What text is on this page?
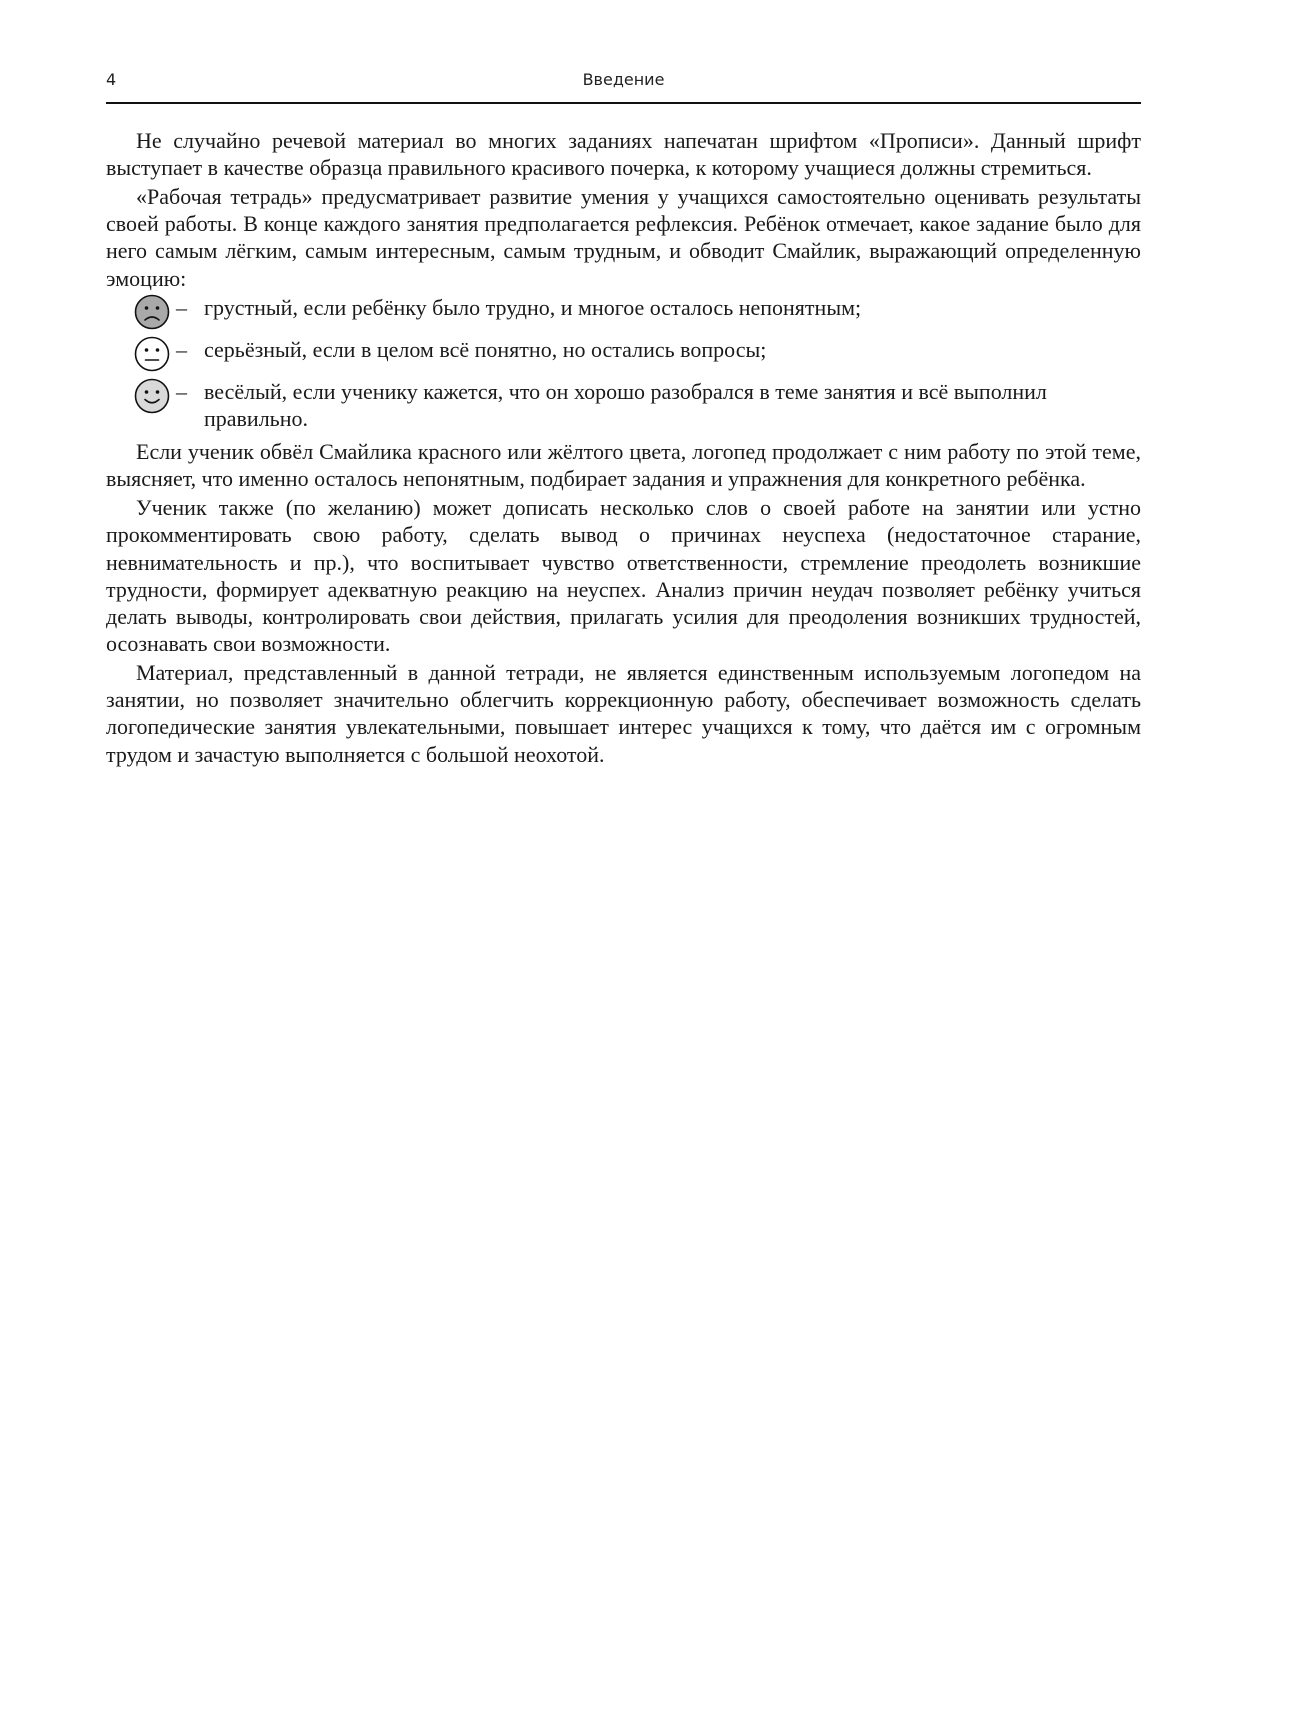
4	Введение

Не случайно речевой материал во многих заданиях напечатан шрифтом «Прописи». Данный шрифт выступает в качестве образца правильного красивого почерка, к которому учащиеся должны стремиться.

«Рабочая тетрадь» предусматривает развитие умения у учащихся самостоятельно оценивать результаты своей работы. В конце каждого занятия предполагается рефлексия. Ребёнок отмечает, какое задание было для него самым лёгким, самым интересным, самым трудным, и обводит Смайлик, выражающий определенную эмоцию:

– грустный, если ребёнку было трудно, и многое осталось непонятным;
– серьёзный, если в целом всё понятно, но остались вопросы;
– весёлый, если ученику кажется, что он хорошо разобрался в теме занятия и всё выполнил правильно.

Если ученик обвёл Смайлика красного или жёлтого цвета, логопед продолжает с ним работу по этой теме, выясняет, что именно осталось непонятным, подбирает задания и упражнения для конкретного ребёнка.

Ученик также (по желанию) может дописать несколько слов о своей работе на занятии или устно прокомментировать свою работу, сделать вывод о причинах неуспеха (недостаточное старание, невнимательность и пр.), что воспитывает чувство ответственности, стремление преодолеть возникшие трудности, формирует адекватную реакцию на неуспех. Анализ причин неудач позволяет ребёнку учиться делать выводы, контролировать свои действия, прилагать усилия для преодоления возникших трудностей, осознавать свои возможности.

Материал, представленный в данной тетради, не является единственным используемым логопедом на занятии, но позволяет значительно облегчить коррекционную работу, обеспечивает возможность сделать логопедические занятия увлекательными, повышает интерес учащихся к тому, что даётся им с огромным трудом и зачастую выполняется с большой неохотой.
